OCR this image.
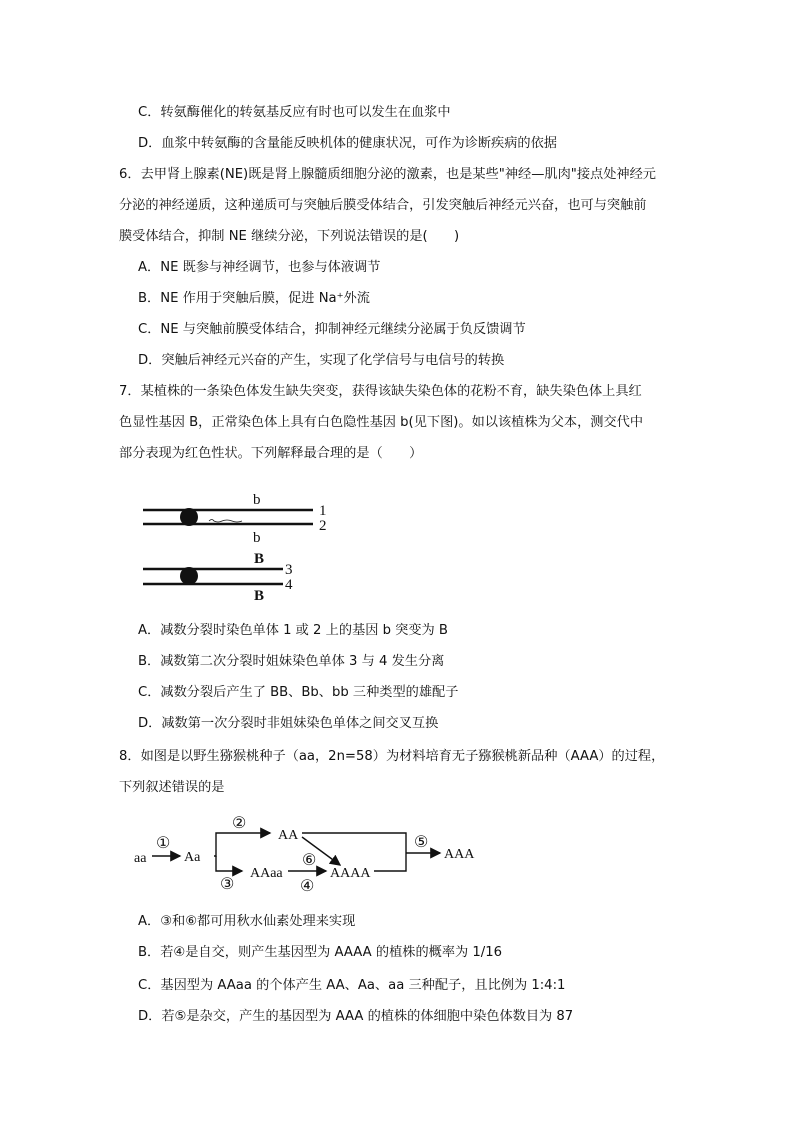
C．转氨酶催化的转氨基反应有时也可以发生在血浆中
D．血浆中转氨酶的含量能反映机体的健康状况，可作为诊断疾病的依据
6．去甲肾上腺素(NE)既是肾上腺髓质细胞分泌的激素，也是某些"神经—肌肉"接点处神经元
分泌的神经递质，这种递质可与突触后膜受体结合，引发突触后神经元兴奋，也可与突触前
膜受体结合，抑制 NE 继续分泌，下列说法错误的是(　　)
A．NE 既参与神经调节，也参与体液调节
B．NE 作用于突触后膜，促进 Na⁺外流
C．NE 与突触前膜受体结合，抑制神经元继续分泌属于负反馈调节
D．突触后神经元兴奋的产生，实现了化学信号与电信号的转换
7．某植株的一条染色体发生缺失突变，获得该缺失染色体的花粉不育，缺失染色体上具红
色显性基因 B，正常染色体上具有白色隐性基因 b(见下图)。如以该植株为父本，测交代中
部分表现为红色性状。下列解释最合理的是（　　）
b
b
1
2
B
B
3
4
A．减数分裂时染色单体 1 或 2 上的基因 b 突变为 B
B．减数第二次分裂时姐妹染色单体 3 与 4 发生分离
C．减数分裂后产生了 BB、Bb、bb 三种类型的雄配子
D．减数第一次分裂时非姐妹染色单体之间交叉互换
8．如图是以野生猕猴桃种子（aa，2n=58）为材料培育无子猕猴桃新品种（AAA）的过程，
下列叙述错误的是
aa
①
Aa
②
AA
③
AAaa
④
AAAA
⑥
⑤
AAA
A．③和⑥都可用秋水仙素处理来实现
B．若④是自交，则产生基因型为 AAAA 的植株的概率为 1/16
C．基因型为 AAaa 的个体产生 AA、Aa、aa 三种配子，且比例为 1:4:1
D．若⑤是杂交，产生的基因型为 AAA 的植株的体细胞中染色体数目为 87
